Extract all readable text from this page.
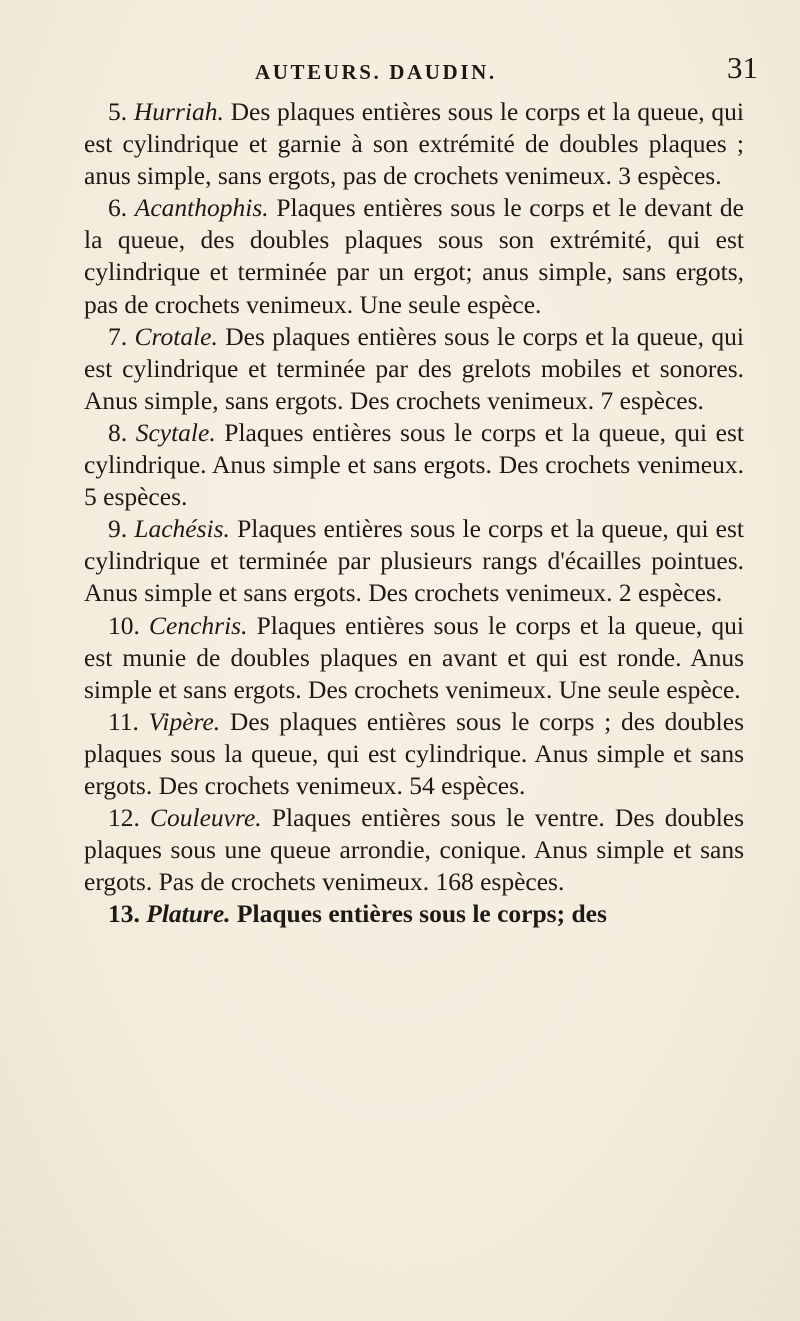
AUTEURS. DAUDIN.	31

5. Hurriah. Des plaques entières sous le corps et la queue, qui est cylindrique et garnie à son extrémité de doubles plaques ; anus simple, sans ergots, pas de crochets venimeux. 3 espèces.

6. Acanthophis. Plaques entières sous le corps et le devant de la queue, des doubles plaques sous son extrémité, qui est cylindrique et terminée par un ergot; anus simple, sans ergots, pas de crochets venimeux. Une seule espèce.

7. Crotale. Des plaques entières sous le corps et la queue, qui est cylindrique et terminée par des grelots mobiles et sonores. Anus simple, sans ergots. Des crochets venimeux. 7 espèces.

8. Scytale. Plaques entières sous le corps et la queue, qui est cylindrique. Anus simple et sans ergots. Des crochets venimeux. 5 espèces.

9. Lachésis. Plaques entières sous le corps et la queue, qui est cylindrique et terminée par plusieurs rangs d'écailles pointues. Anus simple et sans ergots. Des crochets venimeux. 2 espèces.

10. Cenchris. Plaques entières sous le corps et la queue, qui est munie de doubles plaques en avant et qui est ronde. Anus simple et sans ergots. Des crochets venimeux. Une seule espèce.

11. Vipère. Des plaques entières sous le corps ; des doubles plaques sous la queue, qui est cylindrique. Anus simple et sans ergots. Des crochets venimeux. 54 espèces.

12. Couleuvre. Plaques entières sous le ventre. Des doubles plaques sous une queue arrondie, conique. Anus simple et sans ergots. Pas de crochets venimeux. 168 espèces.

13. Plature. Plaques entières sous le corps; des
